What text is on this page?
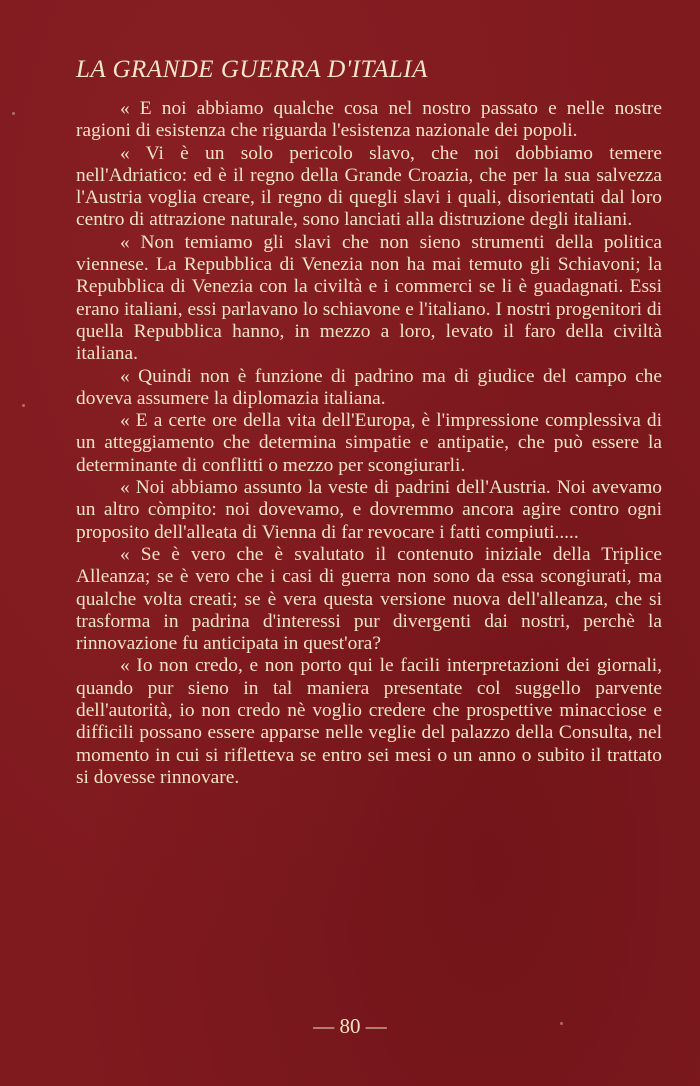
LA GRANDE GUERRA D'ITALIA

« E noi abbiamo qualche cosa nel nostro passato e nelle nostre ragioni di esistenza che riguarda l'esistenza nazionale dei popoli.

« Vi è un solo pericolo slavo, che noi dobbiamo temere nell'Adriatico: ed è il regno della Grande Croazia, che per la sua salvezza l'Austria voglia creare, il regno di quegli slavi i quali, disorientati dal loro centro di attrazione naturale, sono lanciati alla distruzione degli italiani.

« Non temiamo gli slavi che non sieno strumenti della politica viennese. La Repubblica di Venezia non ha mai temuto gli Schiavoni; la Repubblica di Venezia con la civiltà e i commerci se li è guadagnati. Essi erano italiani, essi parlavano lo schiavone e l'italiano. I nostri progenitori di quella Repubblica hanno, in mezzo a loro, levato il faro della civiltà italiana.

« Quindi non è funzione di padrino ma di giudice del campo che doveva assumere la diplomazia italiana.

« E a certe ore della vita dell'Europa, è l'impressione complessiva di un atteggiamento che determina simpatie e antipatie, che può essere la determinante di conflitti o mezzo per scongiurarli.

« Noi abbiamo assunto la veste di padrini dell'Austria. Noi avevamo un altro còmpito: noi dovevamo, e dovremmo ancora agire contro ogni proposito dell'alleata di Vienna di far revocare i fatti compiuti.....

« Se è vero che è svalutato il contenuto iniziale della Triplice Alleanza; se è vero che i casi di guerra non sono da essa scongiurati, ma qualche volta creati; se è vera questa versione nuova dell'alleanza, che si trasforma in padrina d'interessi pur divergenti dai nostri, perchè la rinnovazione fu anticipata in quest'ora?

« Io non credo, e non porto qui le facili interpretazioni dei giornali, quando pur sieno in tal maniera presentate col suggello parvente dell'autorità, io non credo nè voglio credere che prospettive minacciose e difficili possano essere apparse nelle veglie del palazzo della Consulta, nel momento in cui si rifletteva se entro sei mesi o un anno o subito il trattato si dovesse rinnovare.

— 80 —
